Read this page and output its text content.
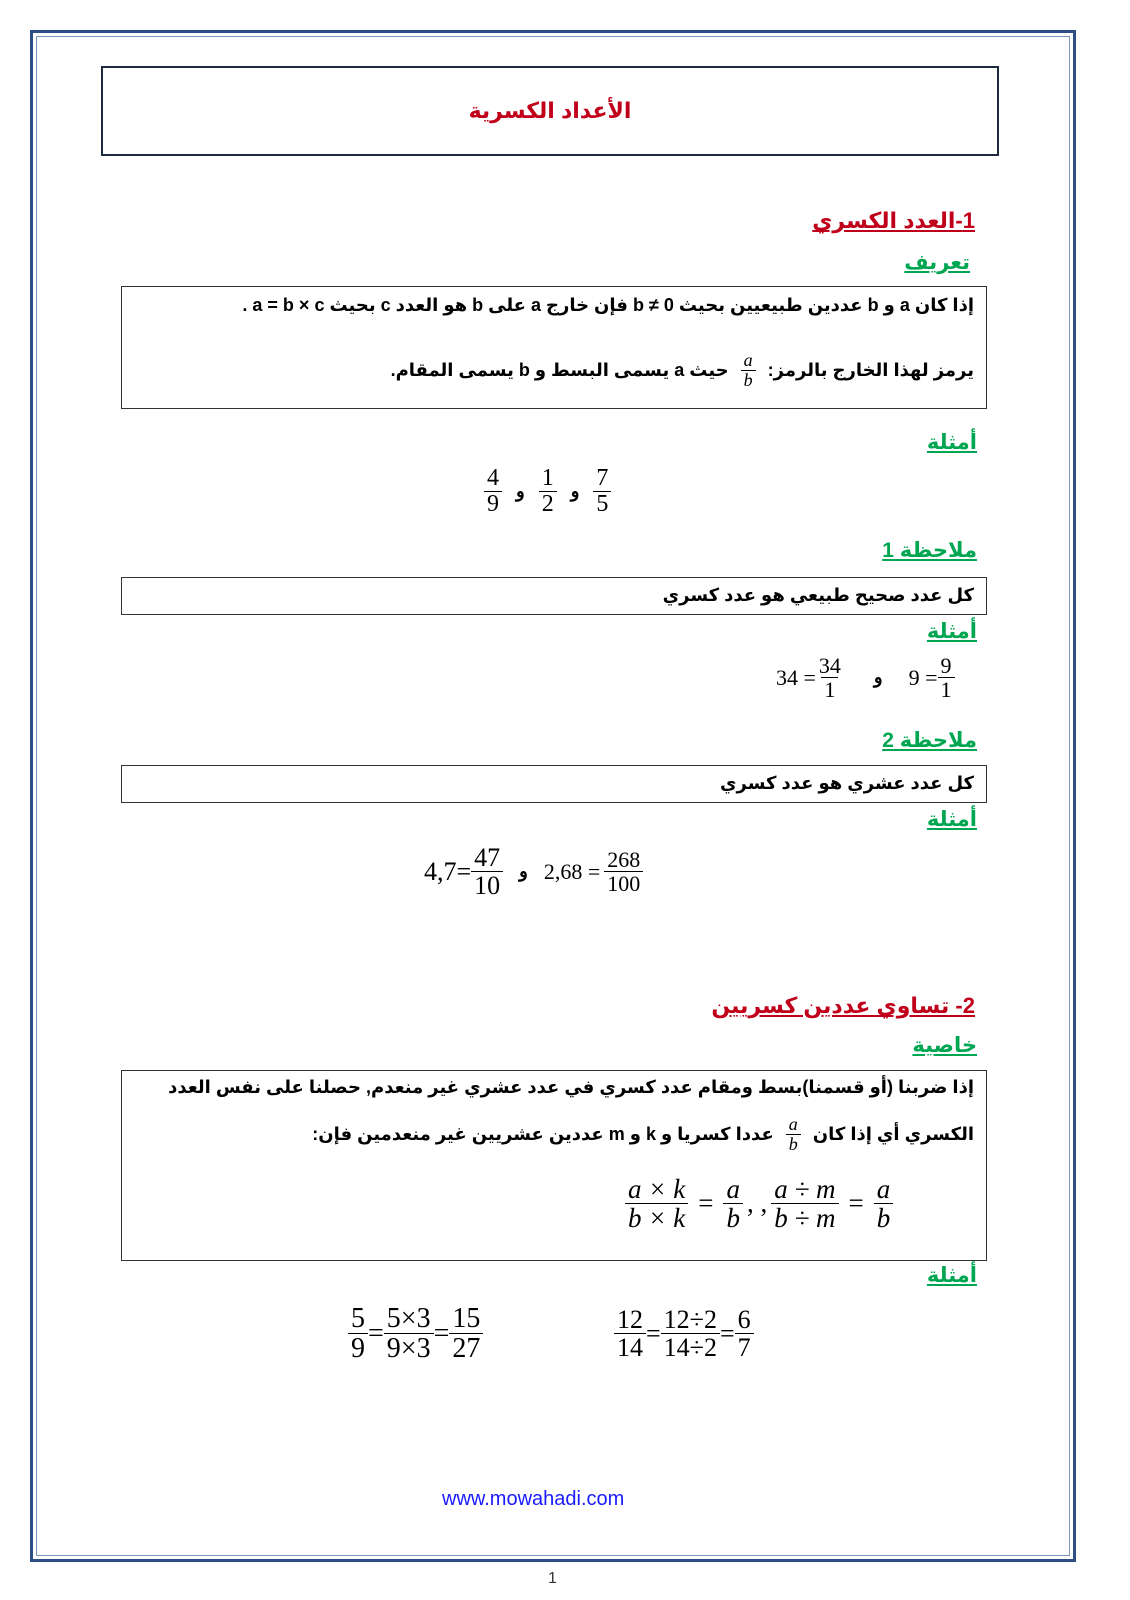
الأعداد الكسرية
1-العدد الكسري
تعريف
إذا كان a و b عددين طبيعيين بحيث 0 ≠ b فإن خارج a على b هو العدد c بحيث a = b × c .
يرمز لهذا الخارج بالرمز:
$\frac{a}{b}$
حيث a يسمى البسط و b يسمى المقام.
أمثلة
$\frac{7}{5}$
و
$\frac{1}{2}$
و
$\frac{4}{9}$
ملاحظة 1
كل عدد صحيح طبيعي هو عدد كسري
أمثلة
$34 = \frac{34}{1}$ و $9 = \frac{9}{1}$
ملاحظة 2
كل عدد عشري هو عدد كسري
أمثلة
$4,7= \frac{47}{10}$ و $2,68 = \frac{268}{100}$
2- تساوي عددين كسريين
خاصية
إذا ضربنا (أو قسمنا)بسط ومقام عدد كسري في عدد عشري غير منعدم, حصلنا على نفس العدد
الكسري أي إذا كان
$\frac{a}{b}$
عددا كسريا و k و m عددين عشريين غير منعدمين فإن:
$\frac{a \times k}{b \times k} = \frac{a}{b}$ , , $\frac{a \div m}{b \div m} = \frac{a}{b}$
أمثلة
$\frac{5}{9} = \frac{5\times 3}{9\times 3} = \frac{15}{27}$	$\frac{12}{14} = \frac{12\div 2}{14\div 2} = \frac{6}{7}$
www.mowahadi.com
1
